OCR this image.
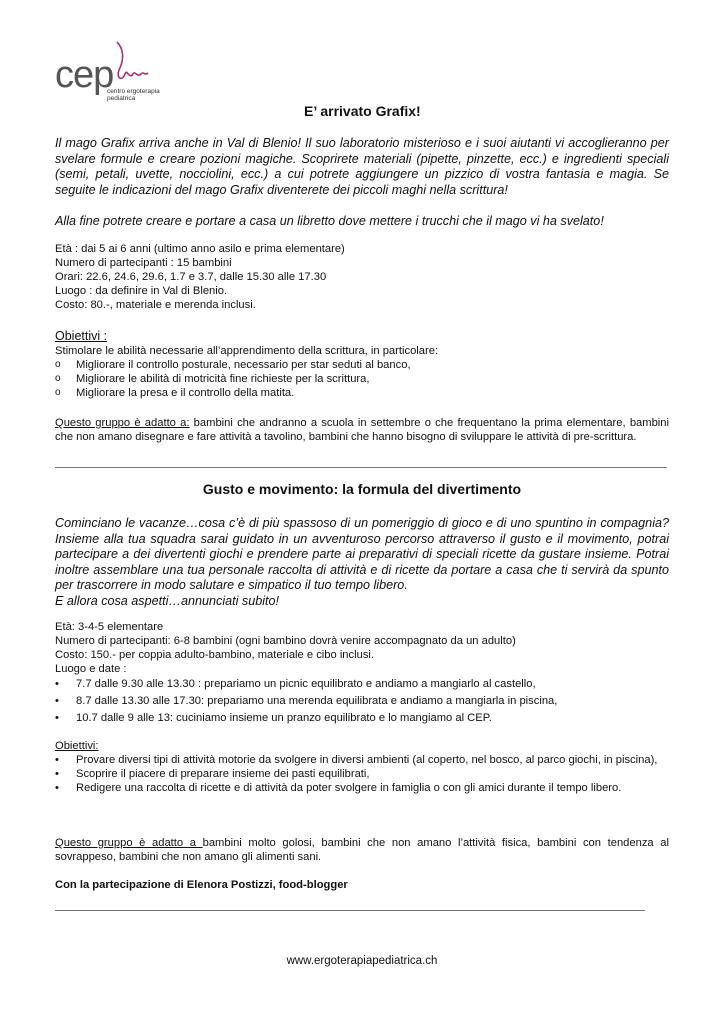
cep
centro ergoterapia
pediatrica
E’ arrivato Grafix!

Il mago Grafix arriva anche in Val di Blenio! Il suo laboratorio misterioso e i suoi aiutanti vi accoglieranno per svelare formule e creare pozioni magiche. Scoprirete materiali (pipette, pinzette, ecc.) e ingredienti speciali (semi, petali, uvette, nocciolini, ecc.) a cui potrete aggiungere un pizzico di vostra fantasia e magia. Se seguite le indicazioni del mago Grafix diventerete dei piccoli maghi nella scrittura!

Alla fine potrete creare e portare a casa un libretto dove mettere i trucchi che il mago vi ha svelato!

Età : dai 5 ai 6 anni (ultimo anno asilo e prima elementare)
Numero di partecipanti : 15 bambini
Orari: 22.6, 24.6, 29.6, 1.7 e 3.7, dalle 15.30 alle 17.30
Luogo : da definire in Val di Blenio.
Costo: 80.-, materiale e merenda inclusi.
Obiettivi :
Stimolare le abilità necessarie all’apprendimento della scrittura, in particolare:
o Migliorare il controllo posturale, necessario per star seduti al banco,
o Migliorare le abilità di motricità fine richieste per la scrittura,
o Migliorare la presa e il controllo della matita.
Questo gruppo è adatto a: bambini che andranno a scuola in settembre o che frequentano la prima elementare, bambini che non amano disegnare e fare attività a tavolino, bambini che hanno bisogno di sviluppare le attività di pre-scrittura.
Gusto e movimento: la formula del divertimento

Cominciano le vacanze…cosa c’è di più spassoso di un pomeriggio di gioco e di uno spuntino in compagnia? Insieme alla tua squadra sarai guidato in un avventuroso percorso attraverso il gusto e il movimento, potrai partecipare a dei divertenti giochi e prendere parte ai preparativi di speciali ricette da gustare insieme. Potrai inoltre assemblare una tua personale raccolta di attività e di ricette da portare a casa che ti servirà da spunto per trascorrere in modo salutare e simpatico il tuo tempo libero.

E allora cosa aspetti…annunciati subito!

Età: 3-4-5 elementare
Numero di partecipanti: 6-8 bambini (ogni bambino dovrà venire accompagnato da un adulto)
Costo: 150.- per coppia adulto-bambino, materiale e cibo inclusi.
Luogo e date :
• 7.7 dalle 9.30 alle 13.30 : prepariamo un picnic equilibrato e andiamo a mangiarlo al castello,
• 8.7 dalle 13.30 alle 17.30: prepariamo una merenda equilibrata e andiamo a mangiarla in piscina,
• 10.7 dalle 9 alle 13: cuciniamo insieme un pranzo equilibrato e lo mangiamo al CEP.
Obiettivi:
• Provare diversi tipi di attività motorie da svolgere in diversi ambienti (al coperto, nel bosco, al parco giochi, in piscina),
• Scoprire il piacere di preparare insieme dei pasti equilibrati,
• Redigere una raccolta di ricette e di attività da poter svolgere in famiglia o con gli amici durante il tempo libero.
Questo gruppo è adatto a bambini molto golosi, bambini che non amano l’attività fisica, bambini con tendenza al sovrappeso, bambini che non amano gli alimenti sani.
Con la partecipazione di Elenora Postizzi, food-blogger
www.ergoterapiapediatrica.ch
